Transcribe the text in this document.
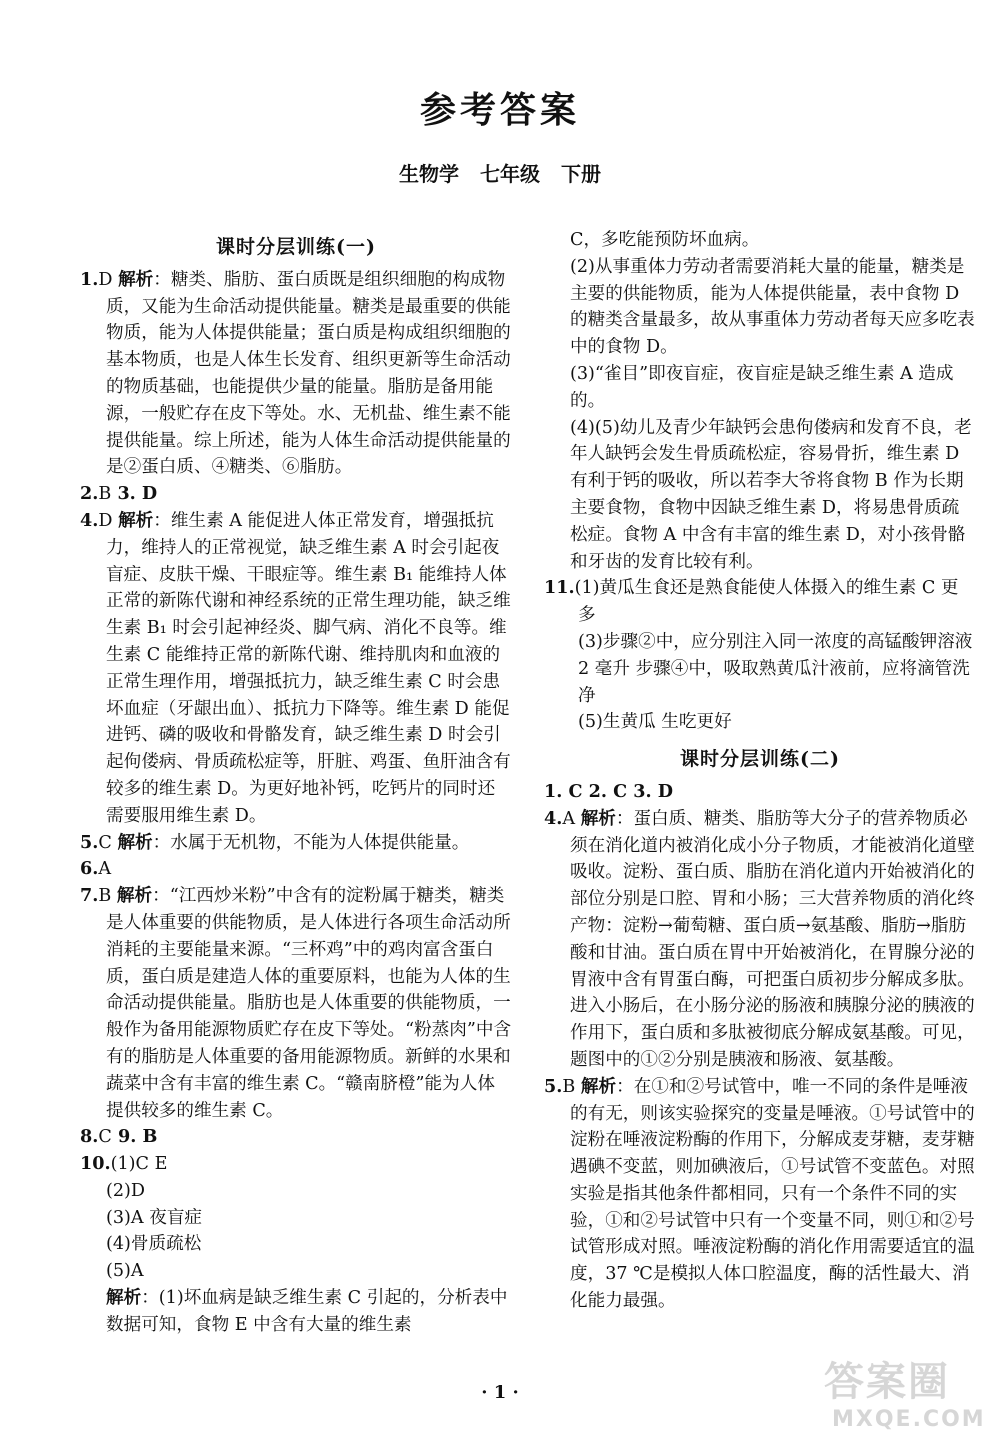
参考答案
生物学 七年级 下册
课时分层训练(一)

1.D 解析：糖类、脂肪、蛋白质既是组织细胞的构成物质，又能为生命活动提供能量。糖类是最重要的供能物质，能为人体提供能量；蛋白质是构成组织细胞的基本物质，也是人体生长发育、组织更新等生命活动的物质基础，也能提供少量的能量。脂肪是备用能源，一般贮存在皮下等处。水、无机盐、维生素不能提供能量。综上所述，能为人体生命活动提供能量的是②蛋白质、④糖类、⑥脂肪。

2.B 3. D

4.D 解析：维生素 A 能促进人体正常发育，增强抵抗力，维持人的正常视觉，缺乏维生素 A 时会引起夜盲症、皮肤干燥、干眼症等。维生素 B₁ 能维持人体正常的新陈代谢和神经系统的正常生理功能，缺乏维生素 B₁ 时会引起神经炎、脚气病、消化不良等。维生素 C 能维持正常的新陈代谢、维持肌肉和血液的正常生理作用，增强抵抗力，缺乏维生素 C 时会患坏血症（牙龈出血）、抵抗力下降等。维生素 D 能促进钙、磷的吸收和骨骼发育，缺乏维生素 D 时会引起佝偻病、骨质疏松症等，肝脏、鸡蛋、鱼肝油含有较多的维生素 D。为更好地补钙，吃钙片的同时还需要服用维生素 D。

5.C 解析：水属于无机物，不能为人体提供能量。

6.A

7.B 解析：“江西炒米粉”中含有的淀粉属于糖类，糖类是人体重要的供能物质，是人体进行各项生命活动所消耗的主要能量来源。“三杯鸡”中的鸡肉富含蛋白质，蛋白质是建造人体的重要原料，也能为人体的生命活动提供能量。脂肪也是人体重要的供能物质，一般作为备用能源物质贮存在皮下等处。“粉蒸肉”中含有的脂肪是人体重要的备用能源物质。新鲜的水果和蔬菜中含有丰富的维生素 C。“赣南脐橙”能为人体提供较多的维生素 C。

8.C 9. B

10.(1)C E

(2)D

(3)A 夜盲症

(4)骨质疏松

(5)A

解析：(1)坏血病是缺乏维生素 C 引起的，分析表中数据可知，食物 E 中含有大量的维生素

C，多吃能预防坏血病。

(2)从事重体力劳动者需要消耗大量的能量，糖类是主要的供能物质，能为人体提供能量，表中食物 D 的糖类含量最多，故从事重体力劳动者每天应多吃表中的食物 D。

(3)“雀目”即夜盲症，夜盲症是缺乏维生素 A 造成的。

(4)(5)幼儿及青少年缺钙会患佝偻病和发育不良，老年人缺钙会发生骨质疏松症，容易骨折，维生素 D 有利于钙的吸收，所以若李大爷将食物 B 作为长期主要食物，食物中因缺乏维生素 D，将易患骨质疏松症。食物 A 中含有丰富的维生素 D，对小孩骨骼和牙齿的发育比较有利。

11.(1)黄瓜生食还是熟食能使人体摄入的维生素 C 更多

(3)步骤②中，应分别注入同一浓度的高锰酸钾溶液 2 毫升 步骤④中，吸取熟黄瓜汁液前，应将滴管洗净

(5)生黄瓜 生吃更好

课时分层训练(二)

1. C 2. C 3. D

4.A 解析：蛋白质、糖类、脂肪等大分子的营养物质必须在消化道内被消化成小分子物质，才能被消化道壁吸收。淀粉、蛋白质、脂肪在消化道内开始被消化的部位分别是口腔、胃和小肠；三大营养物质的消化终产物：淀粉→葡萄糖、蛋白质→氨基酸、脂肪→脂肪酸和甘油。蛋白质在胃中开始被消化，在胃腺分泌的胃液中含有胃蛋白酶，可把蛋白质初步分解成多肽。进入小肠后，在小肠分泌的肠液和胰腺分泌的胰液的作用下，蛋白质和多肽被彻底分解成氨基酸。可见，题图中的①②分别是胰液和肠液、氨基酸。

5.B 解析：在①和②号试管中，唯一不同的条件是唾液的有无，则该实验探究的变量是唾液。①号试管中的淀粉在唾液淀粉酶的作用下，分解成麦芽糖，麦芽糖遇碘不变蓝，则加碘液后，①号试管不变蓝色。对照实验是指其他条件都相同，只有一个条件不同的实验，①和②号试管中只有一个变量不同，则①和②号试管形成对照。唾液淀粉酶的消化作用需要适宜的温度，37 ℃是模拟人体口腔温度，酶的活性最大、消化能力最强。

· 1 ·	答案圈
MXQE.COM
